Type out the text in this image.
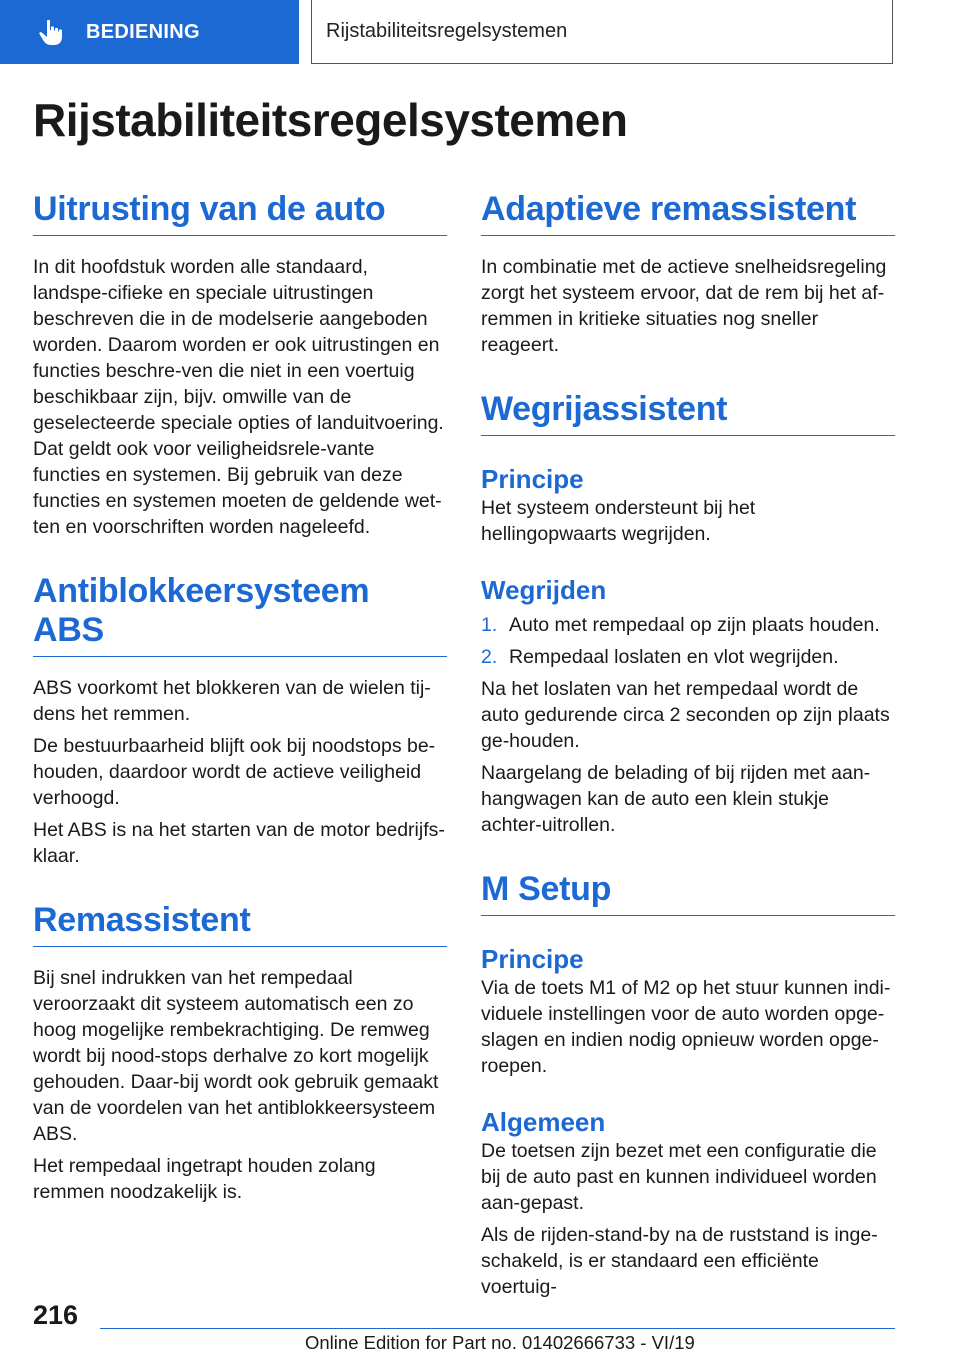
BEDIENING	Rijstabiliteitsregelsystemen
Rijstabiliteitsregelsystemen
Uitrusting van de auto

In dit hoofdstuk worden alle standaard, landspe-cifieke en speciale uitrustingen beschreven die in de modelserie aangeboden worden. Daarom worden er ook uitrustingen en functies beschre-ven die niet in een voertuig beschikbaar zijn, bijv. omwille van de geselecteerde speciale opties of landuitvoering. Dat geldt ook voor veiligheidsrele-vante functies en systemen. Bij gebruik van deze functies en systemen moeten de geldende wet-ten en voorschriften worden nageleefd.

Antiblokkeersysteem ABS

ABS voorkomt het blokkeren van de wielen tij-dens het remmen.

De bestuurbaarheid blijft ook bij noodstops be-houden, daardoor wordt de actieve veiligheid verhoogd.

Het ABS is na het starten van de motor bedrijfs-klaar.

Remassistent

Bij snel indrukken van het rempedaal veroorzaakt dit systeem automatisch een zo hoog mogelijke rembekrachtiging. De remweg wordt bij nood-stops derhalve zo kort mogelijk gehouden. Daar-bij wordt ook gebruik gemaakt van de voordelen van het antiblokkeersysteem ABS.

Het rempedaal ingetrapt houden zolang remmen noodzakelijk is.

Adaptieve remassistent

In combinatie met de actieve snelheidsregeling zorgt het systeem ervoor, dat de rem bij het af-remmen in kritieke situaties nog sneller reageert.

Wegrijassistent
Principe

Het systeem ondersteunt bij het hellingopwaarts wegrijden.

Wegrijden
1. Auto met rempedaal op zijn plaats houden.
2. Rempedaal loslaten en vlot wegrijden.

Na het loslaten van het rempedaal wordt de auto gedurende circa 2 seconden op zijn plaats ge-houden.

Naargelang de belading of bij rijden met aan-hangwagen kan de auto een klein stukje achter-uitrollen.

M Setup
Principe

Via de toets M1 of M2 op het stuur kunnen indi-viduele instellingen voor de auto worden opge-slagen en indien nodig opnieuw worden opge-roepen.

Algemeen

De toetsen zijn bezet met een configuratie die bij de auto past en kunnen individueel worden aan-gepast.

Als de rijden-stand-by na de ruststand is inge-schakeld, is er standaard een efficiënte voertuig-

216
Online Edition for Part no. 01402666733 - VI/19
